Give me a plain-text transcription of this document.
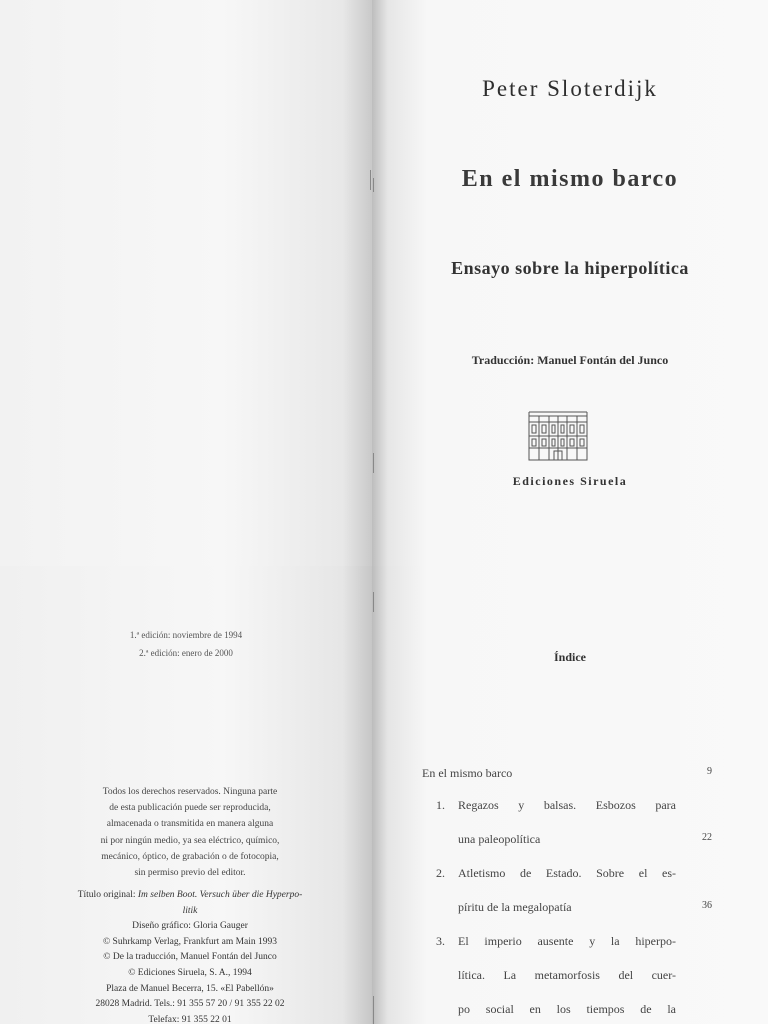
Peter Sloterdijk
En el mismo barco
Ensayo sobre la hiperpolítica
Traducción: Manuel Fontán del Junco
Ediciones Siruela
1.ª edición: noviembre de 1994
2.ª edición: enero de 2000
Todos los derechos reservados. Ninguna parte
de esta publicación puede ser reproducida,
almacenada o transmitida en manera alguna
ni por ningún medio, ya sea eléctrico, químico,
mecánico, óptico, de grabación o de fotocopia,
sin permiso previo del editor.
Título original: Im selben Boot. Versuch über die Hyperpo-
litik
Diseño gráfico: Gloria Gauger
© Suhrkamp Verlag, Frankfurt am Main 1993
© De la traducción, Manuel Fontán del Junco
© Ediciones Siruela, S. A., 1994
Plaza de Manuel Becerra, 15. «El Pabellón»
28028 Madrid. Tels.: 91 355 57 20 / 91 355 22 02
Telefax: 91 355 22 01
Índice
En el mismo barco	9
1. Regazos y balsas. Esbozos para
una paleopolítica	22
2. Atletismo de Estado. Sobre el es-
píritu de la megalopatía	36
3. El imperio ausente y la hiperpo-
lítica. La metamorfosis del cuer-
po social en los tiempos de la
